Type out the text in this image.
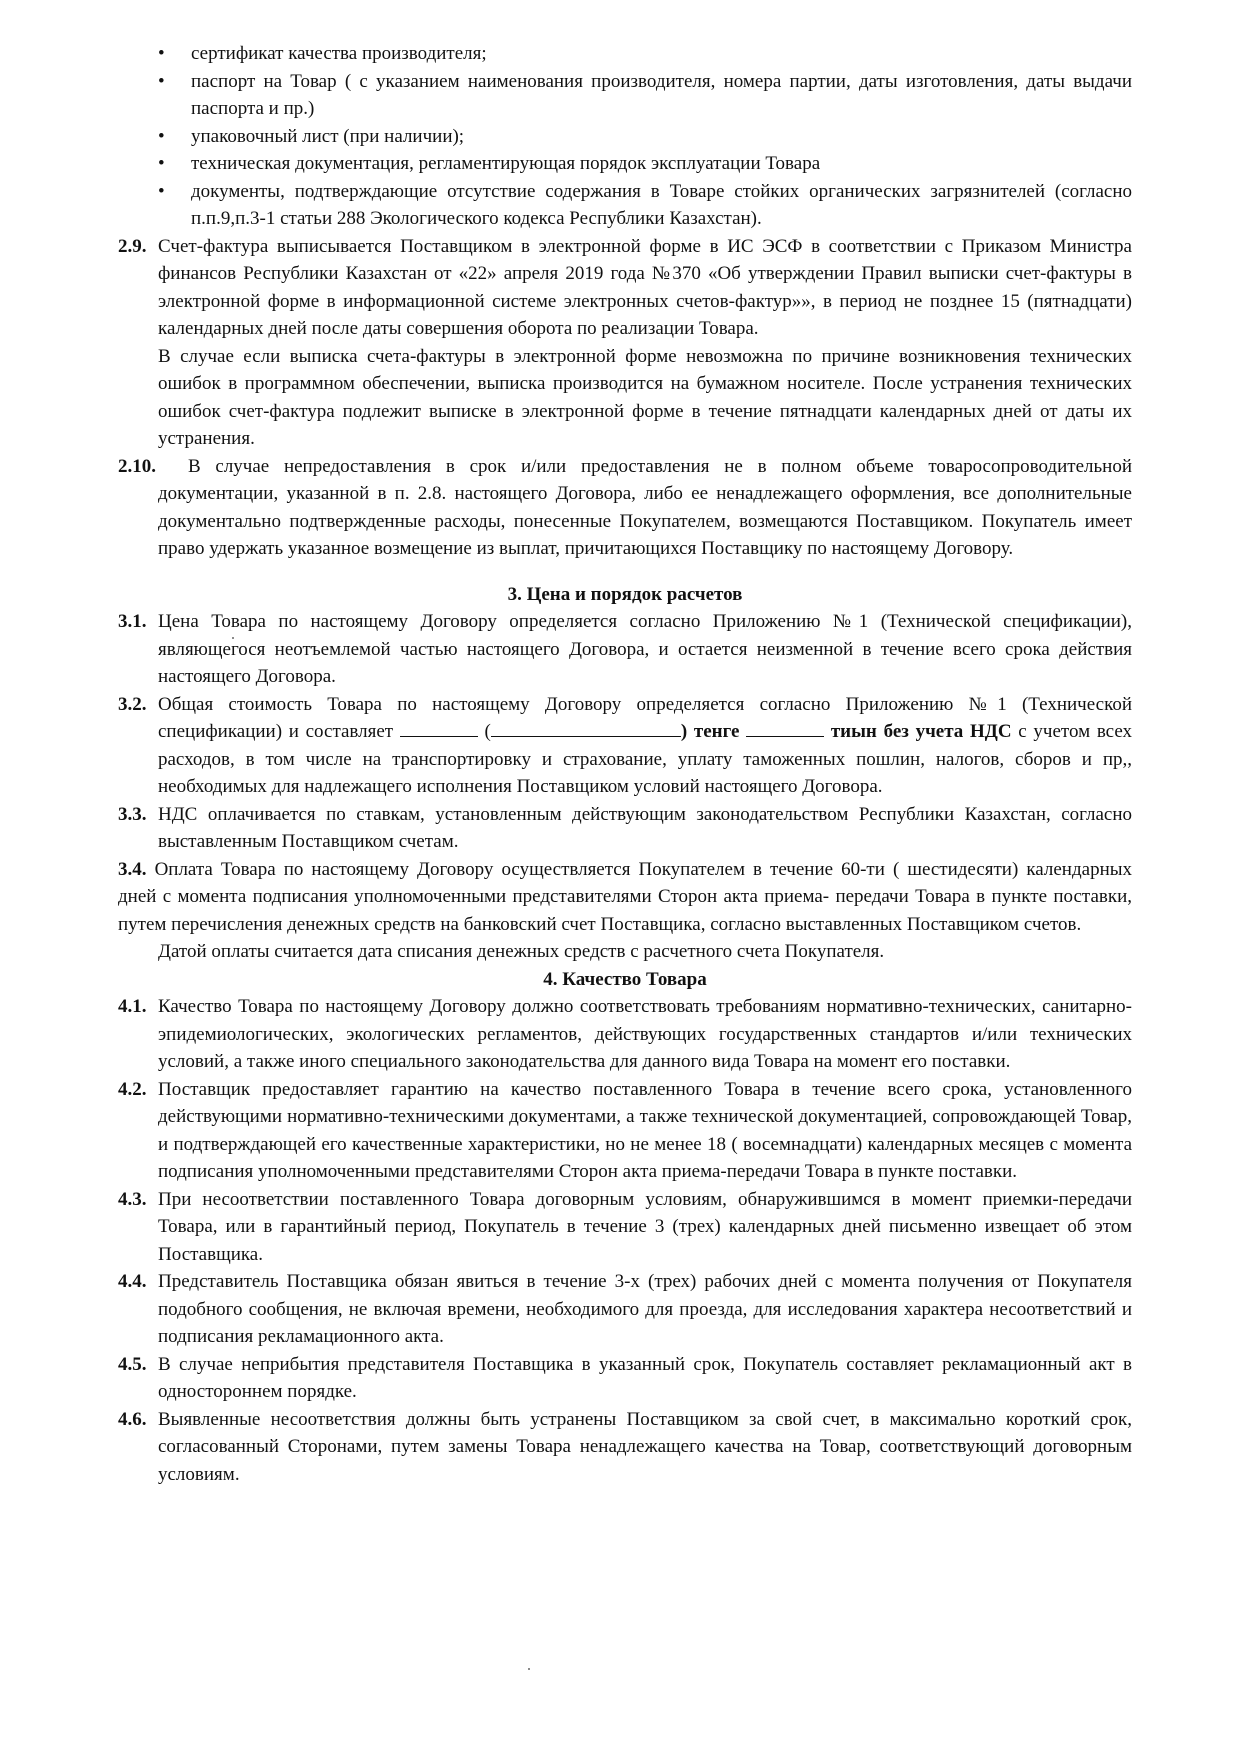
• сертификат качества производителя;
• паспорт на Товар ( с указанием наименования производителя, номера партии, даты изготовления, даты выдачи паспорта и пр.)
• упаковочный лист (при наличии);
• техническая документация, регламентирующая порядок эксплуатации Товара
• документы, подтверждающие отсутствие содержания в Товаре стойких органических загрязнителей (согласно п.п.9,п.3-1 статьи 288 Экологического кодекса Республики Казахстан).
2.9. Счет-фактура выписывается Поставщиком в электронной форме в ИС ЭСФ в соответствии с Приказом Министра финансов Республики Казахстан от «22» апреля 2019 года №370 «Об утверждении Правил выписки счет-фактуры в электронной форме в информационной системе электронных счетов-фактур»», в период не позднее 15 (пятнадцати) календарных дней после даты совершения оборота по реализации Товара.

В случае если выписка счета-фактуры в электронной форме невозможна по причине возникновения технических ошибок в программном обеспечении, выписка производится на бумажном носителе. После устранения технических ошибок счет-фактура подлежит выписке в электронной форме в течение пятнадцати календарных дней от даты их устранения.

2.10. В случае непредоставления в срок и/или предоставления не в полном объеме товаросопроводительной документации, указанной в п. 2.8. настоящего Договора, либо ее ненадлежащего оформления, все дополнительные документально подтвержденные расходы, понесенные Покупателем, возмещаются Поставщиком. Покупатель имеет право удержать указанное возмещение из выплат, причитающихся Поставщику по настоящему Договору.
3. Цена и порядок расчетов
3.1. Цена Товара по настоящему Договору определяется согласно Приложению №1 (Технической спецификации), являющегося неотъемлемой частью настоящего Договора, и остается неизменной в течение всего срока действия настоящего Договора.
3.2. Общая стоимость Товара по настоящему Договору определяется согласно Приложению №1 (Технической спецификации) и составляет	(	) тенге	тиын без учета НДС с учетом всех расходов, в том числе на транспортировку и страхование, уплату таможенных пошлин, налогов, сборов и пр,, необходимых для надлежащего исполнения Поставщиком условий настоящего Договора.
3.3. НДС оплачивается по ставкам, установленным действующим законодательством Республики Казахстан, согласно выставленным Поставщиком счетам.

3.4. Оплата Товара по настоящему Договору осуществляется Покупателем в течение 60-ти ( шестидесяти) календарных дней с момента подписания уполномоченными представителями Сторон акта приема- передачи Товара в пункте поставки, путем перечисления денежных средств на банковский счет Поставщика, согласно выставленных Поставщиком счетов.

Датой оплаты считается дата списания денежных средств с расчетного счета Покупателя.

4. Качество Товара
4.1. Качество Товара по настоящему Договору должно соответствовать требованиям нормативно-технических, санитарно-эпидемиологических, экологических регламентов, действующих государственных стандартов и/или технических условий, а также иного специального законодательства для данного вида Товара на момент его поставки.
4.2. Поставщик предоставляет гарантию на качество поставленного Товара в течение всего срока, установленного действующими нормативно-техническими документами, а также технической документацией, сопровождающей Товар, и подтверждающей его качественные характеристики, но не менее 18 ( восемнадцати) календарных месяцев с момента подписания уполномоченными представителями Сторон акта приема-передачи Товара в пункте поставки.
4.3. При несоответствии поставленного Товара договорным условиям, обнаружившимся в момент приемки-передачи Товара, или в гарантийный период, Покупатель в течение 3 (трех) календарных дней письменно извещает об этом Поставщика.
4.4. Представитель Поставщика обязан явиться в течение 3-х (трех) рабочих дней с момента получения от Покупателя подобного сообщения, не включая времени, необходимого для проезда, для исследования характера несоответствий и подписания рекламационного акта.
4.5. В случае неприбытия представителя Поставщика в указанный срок, Покупатель составляет рекламационный акт в одностороннем порядке.
4.6. Выявленные несоответствия должны быть устранены Поставщиком за свой счет, в максимально короткий срок, согласованный Сторонами, путем замены Товара ненадлежащего качества на Товар, соответствующий договорным условиям.
